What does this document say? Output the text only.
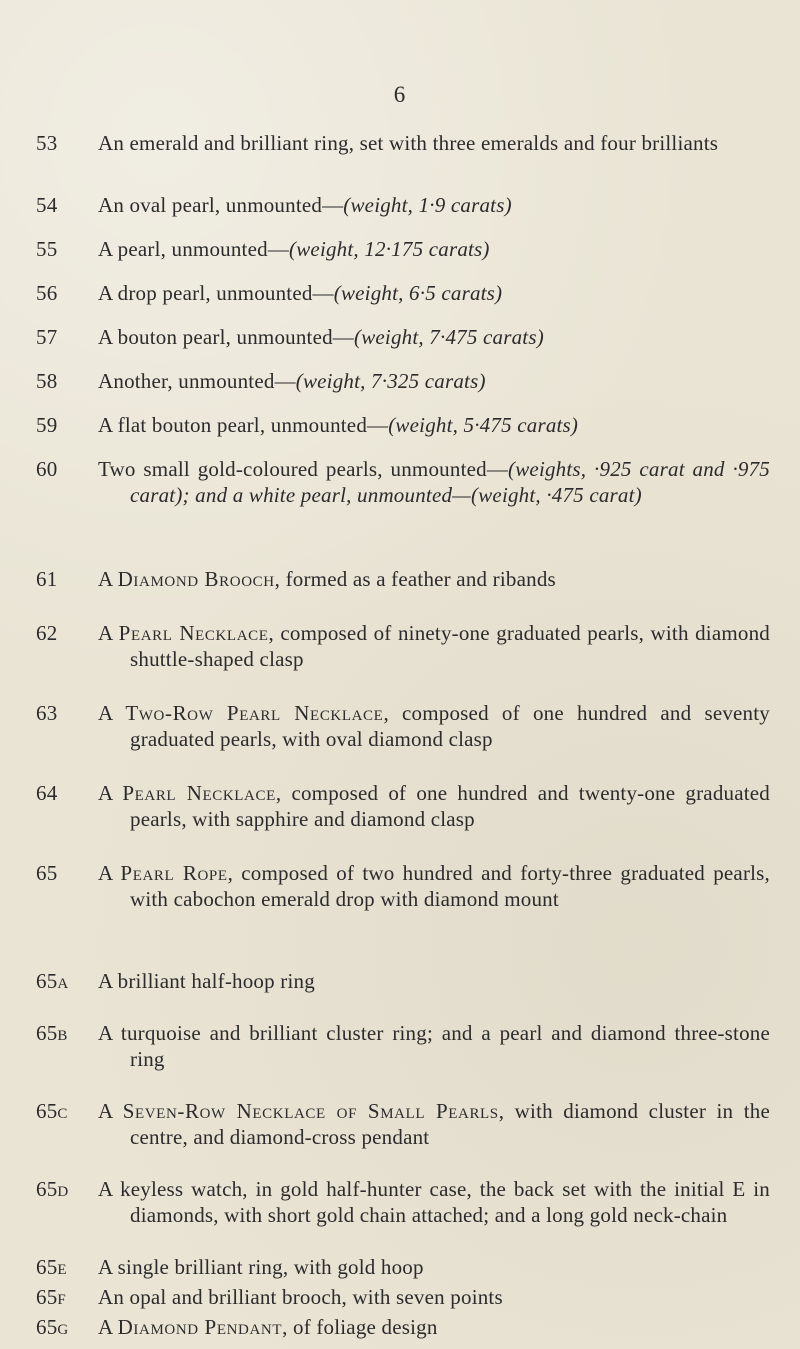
6
53	An emerald and brilliant ring, set with three emeralds and four brilliants
54	An oval pearl, unmounted—(weight, 1·9 carats)
55	A pearl, unmounted—(weight, 12·175 carats)
56	A drop pearl, unmounted—(weight, 6·5 carats)
57	A bouton pearl, unmounted—(weight, 7·475 carats)
58	Another, unmounted—(weight, 7·325 carats)
59	A flat bouton pearl, unmounted—(weight, 5·475 carats)
60	Two small gold-coloured pearls, unmounted—(weights, ·925 carat and ·975 carat); and a white pearl, unmounted—(weight, ·475 carat)
61	A Diamond Brooch, formed as a feather and ribands
62	A Pearl Necklace, composed of ninety-one graduated pearls, with diamond shuttle-shaped clasp
63	A Two-Row Pearl Necklace, composed of one hundred and seventy graduated pearls, with oval diamond clasp
64	A Pearl Necklace, composed of one hundred and twenty-one graduated pearls, with sapphire and diamond clasp
65	A Pearl Rope, composed of two hundred and forty-three graduated pearls, with cabochon emerald drop with diamond mount
65A	A brilliant half-hoop ring
65B	A turquoise and brilliant cluster ring; and a pearl and diamond three-stone ring
65C	A Seven-Row Necklace of Small Pearls, with diamond cluster in the centre, and diamond-cross pendant
65D	A keyless watch, in gold half-hunter case, the back set with the initial E in diamonds, with short gold chain attached; and a long gold neck-chain
65E	A single brilliant ring, with gold hoop
65F	An opal and brilliant brooch, with seven points
65G	A Diamond Pendant, of foliage design
